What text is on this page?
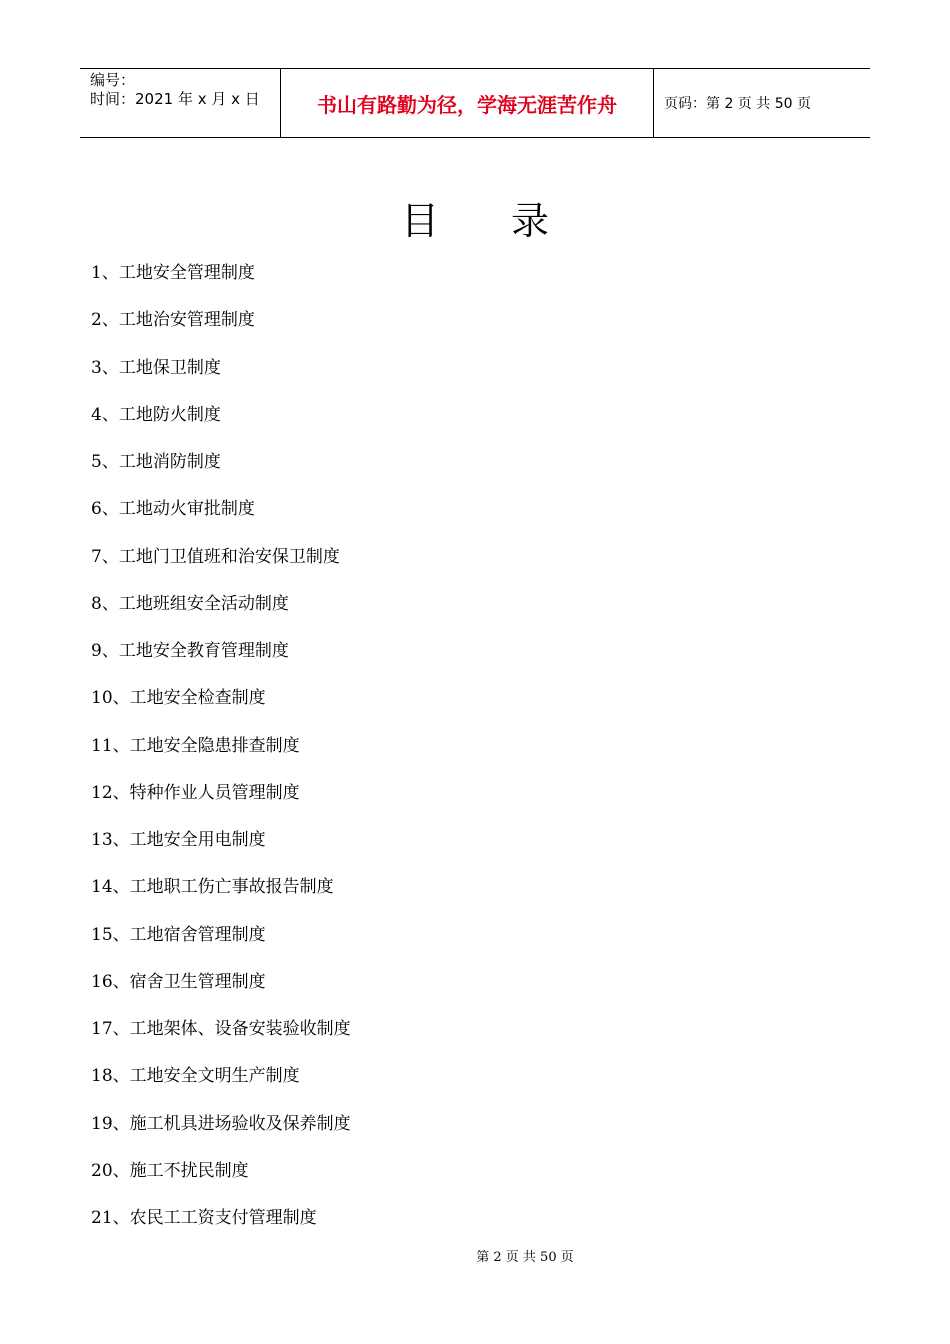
编号：
时间：2021 年 x 月 x 日	书山有路勤为径，学海无涯苦作舟	页码：第 2 页 共 50 页
目 录
1、工地安全管理制度
2、工地治安管理制度
3、工地保卫制度
4、工地防火制度
5、工地消防制度
6、工地动火审批制度
7、工地门卫值班和治安保卫制度
8、工地班组安全活动制度
9、工地安全教育管理制度
10、工地安全检查制度
11、工地安全隐患排查制度
12、特种作业人员管理制度
13、工地安全用电制度
14、工地职工伤亡事故报告制度
15、工地宿舍管理制度
16、宿舍卫生管理制度
17、工地架体、设备安装验收制度
18、工地安全文明生产制度
19、施工机具进场验收及保养制度
20、施工不扰民制度
21、农民工工资支付管理制度
第 2 页 共 50 页
